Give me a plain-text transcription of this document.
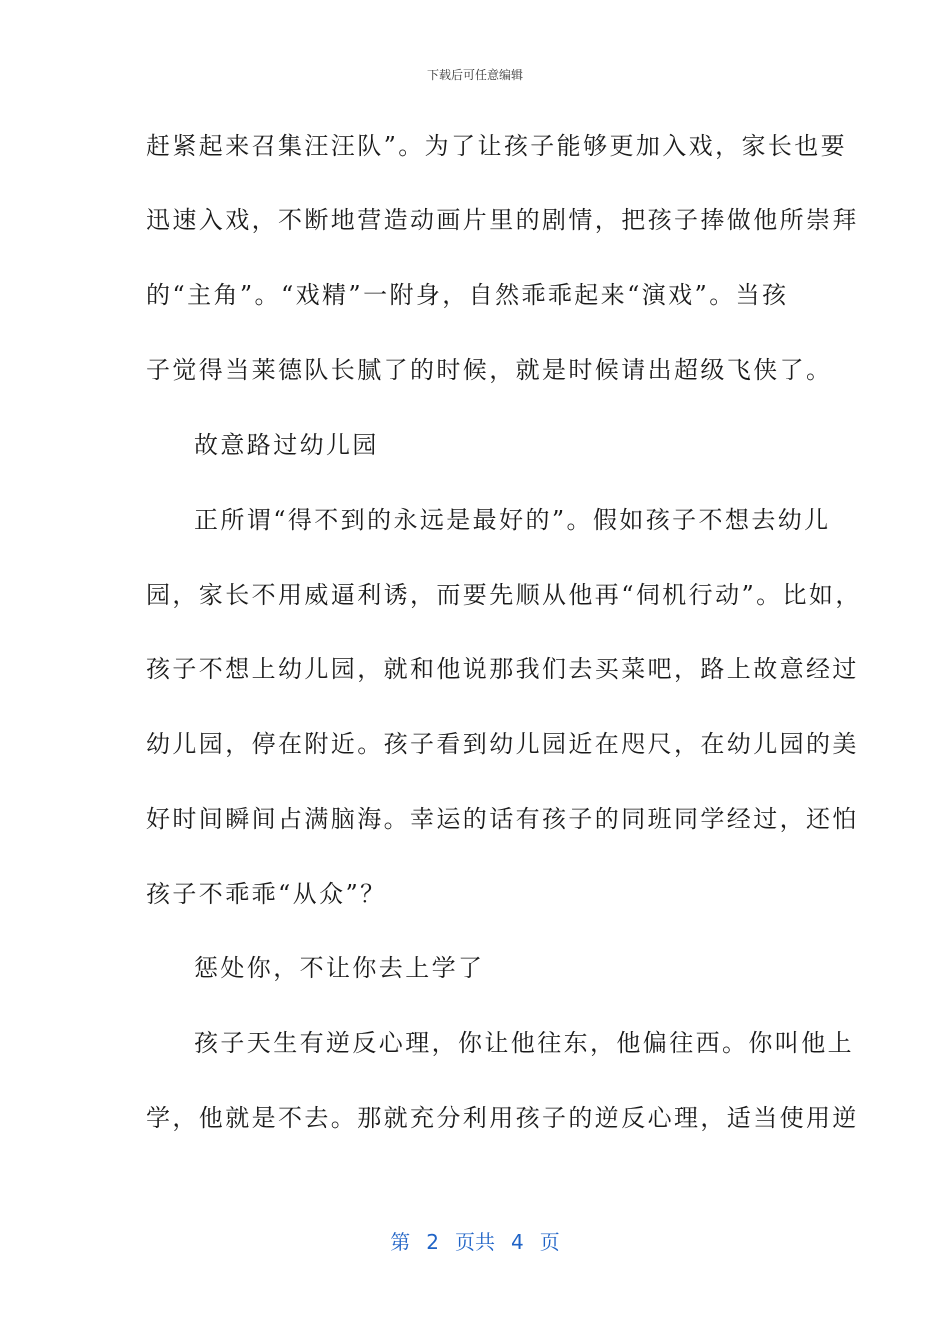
下载后可任意编辑
赶紧起来召集汪汪队”。为了让孩子能够更加入戏，家长也要
迅速入戏，不断地营造动画片里的剧情，把孩子捧做他所崇拜
的“主角”。“戏精”一附身，自然乖乖起来“演戏”。当孩
子觉得当莱德队长腻了的时候，就是时候请出超级飞侠了。
故意路过幼儿园
正所谓“得不到的永远是最好的”。假如孩子不想去幼儿
园，家长不用威逼利诱，而要先顺从他再“伺机行动”。比如，
孩子不想上幼儿园，就和他说那我们去买菜吧，路上故意经过
幼儿园，停在附近。孩子看到幼儿园近在咫尺，在幼儿园的美
好时间瞬间占满脑海。幸运的话有孩子的同班同学经过，还怕
孩子不乖乖“从众”？
惩处你，不让你去上学了
孩子天生有逆反心理，你让他往东，他偏往西。你叫他上
学，他就是不去。那就充分利用孩子的逆反心理，适当使用逆
第 2 页共 4 页
